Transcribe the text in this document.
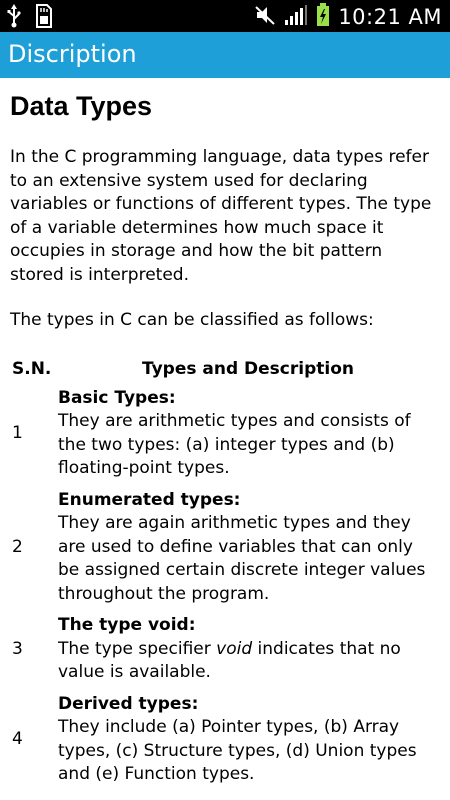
10:21 AM
Discription
Data Types

In the C programming language, data types refer to an extensive system used for declaring variables or functions of different types. The type of a variable determines how much space it occupies in storage and how the bit pattern stored is interpreted.

The types in C can be classified as follows:

S.N.	Types and Description
1	Basic Types:
They are arithmetic types and consists of the two types: (a) integer types and (b) floating-point types.

2	Enumerated types:
They are again arithmetic types and they are used to define variables that can only be assigned certain discrete integer values throughout the program.

3	The type void:
The type specifier void indicates that no value is available.

4	Derived types:
They include (a) Pointer types, (b) Array types, (c) Structure types, (d) Union types and (e) Function types.
